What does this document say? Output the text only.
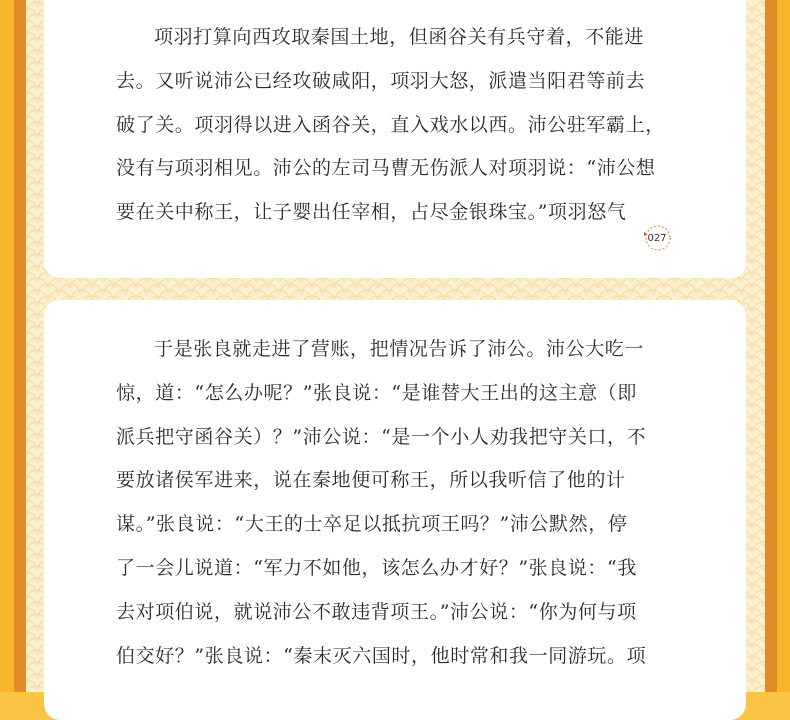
项羽打算向西攻取秦国土地，但函谷关有兵守着，不能进
去。又听说沛公已经攻破咸阳，项羽大怒，派遣当阳君等前去
破了关。项羽得以进入函谷关，直入戏水以西。沛公驻军霸上，
没有与项羽相见。沛公的左司马曹无伤派人对项羽说：“沛公想
要在关中称王，让子婴出任宰相，占尽金银珠宝。”项羽怒气
027
于是张良就走进了营账，把情况告诉了沛公。沛公大吃一
惊，道：“怎么办呢？”张良说：“是谁替大王出的这主意（即
派兵把守函谷关）？”沛公说：“是一个小人劝我把守关口，不
要放诸侯军进来，说在秦地便可称王，所以我听信了他的计
谋。”张良说：“大王的士卒足以抵抗项王吗？”沛公默然，停
了一会儿说道：“军力不如他，该怎么办才好？”张良说：“我
去对项伯说，就说沛公不敢违背项王。”沛公说：“你为何与项
伯交好？”张良说：“秦末灭六国时，他时常和我一同游玩。项
